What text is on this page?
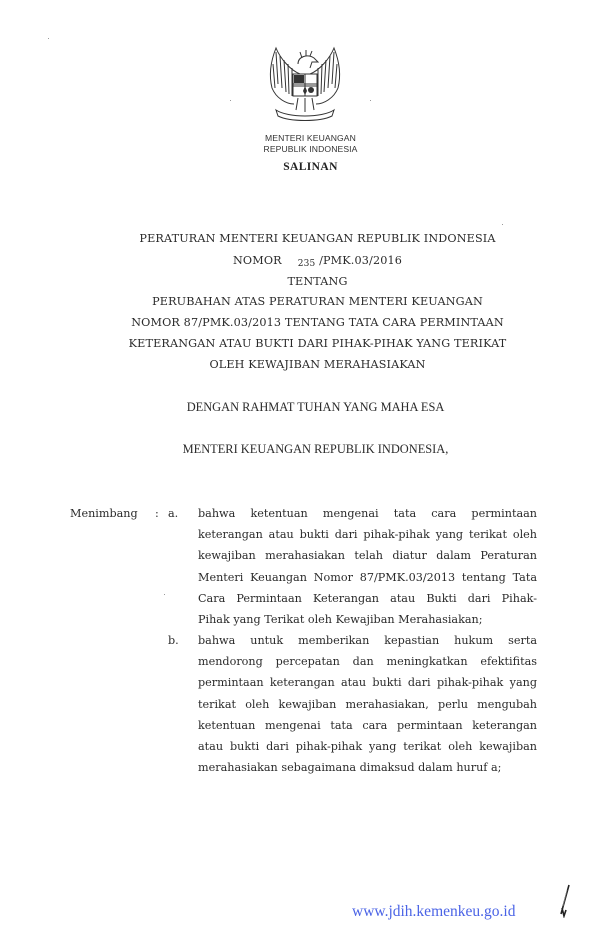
MENTERI KEUANGAN
REPUBLIK INDONESIA
SALINAN
PERATURAN MENTERI KEUANGAN REPUBLIK INDONESIA
NOMOR 235 /PMK.03/2016
TENTANG
PERUBAHAN ATAS PERATURAN MENTERI KEUANGAN
NOMOR 87/PMK.03/2013 TENTANG TATA CARA PERMINTAAN
KETERANGAN ATAU BUKTI DARI PIHAK-PIHAK YANG TERIKAT
OLEH KEWAJIBAN MERAHASIAKAN
DENGAN RAHMAT TUHAN YANG MAHA ESA
MENTERI KEUANGAN REPUBLIK INDONESIA,
Menimbang : a. bahwa ketentuan mengenai tata cara permintaan
keterangan atau bukti dari pihak-pihak yang terikat oleh
kewajiban merahasiakan telah diatur dalam Peraturan
Menteri Keuangan Nomor 87/PMK.03/2013 tentang Tata
Cara Permintaan Keterangan atau Bukti dari Pihak-
Pihak yang Terikat oleh Kewajiban Merahasiakan;
b. bahwa untuk memberikan kepastian hukum serta
mendorong percepatan dan meningkatkan efektifitas
permintaan keterangan atau bukti dari pihak-pihak yang
terikat oleh kewajiban merahasiakan, perlu mengubah
ketentuan mengenai tata cara permintaan keterangan
atau bukti dari pihak-pihak yang terikat oleh kewajiban
merahasiakan sebagaimana dimaksud dalam huruf a;
www.jdih.kemenkeu.go.id
